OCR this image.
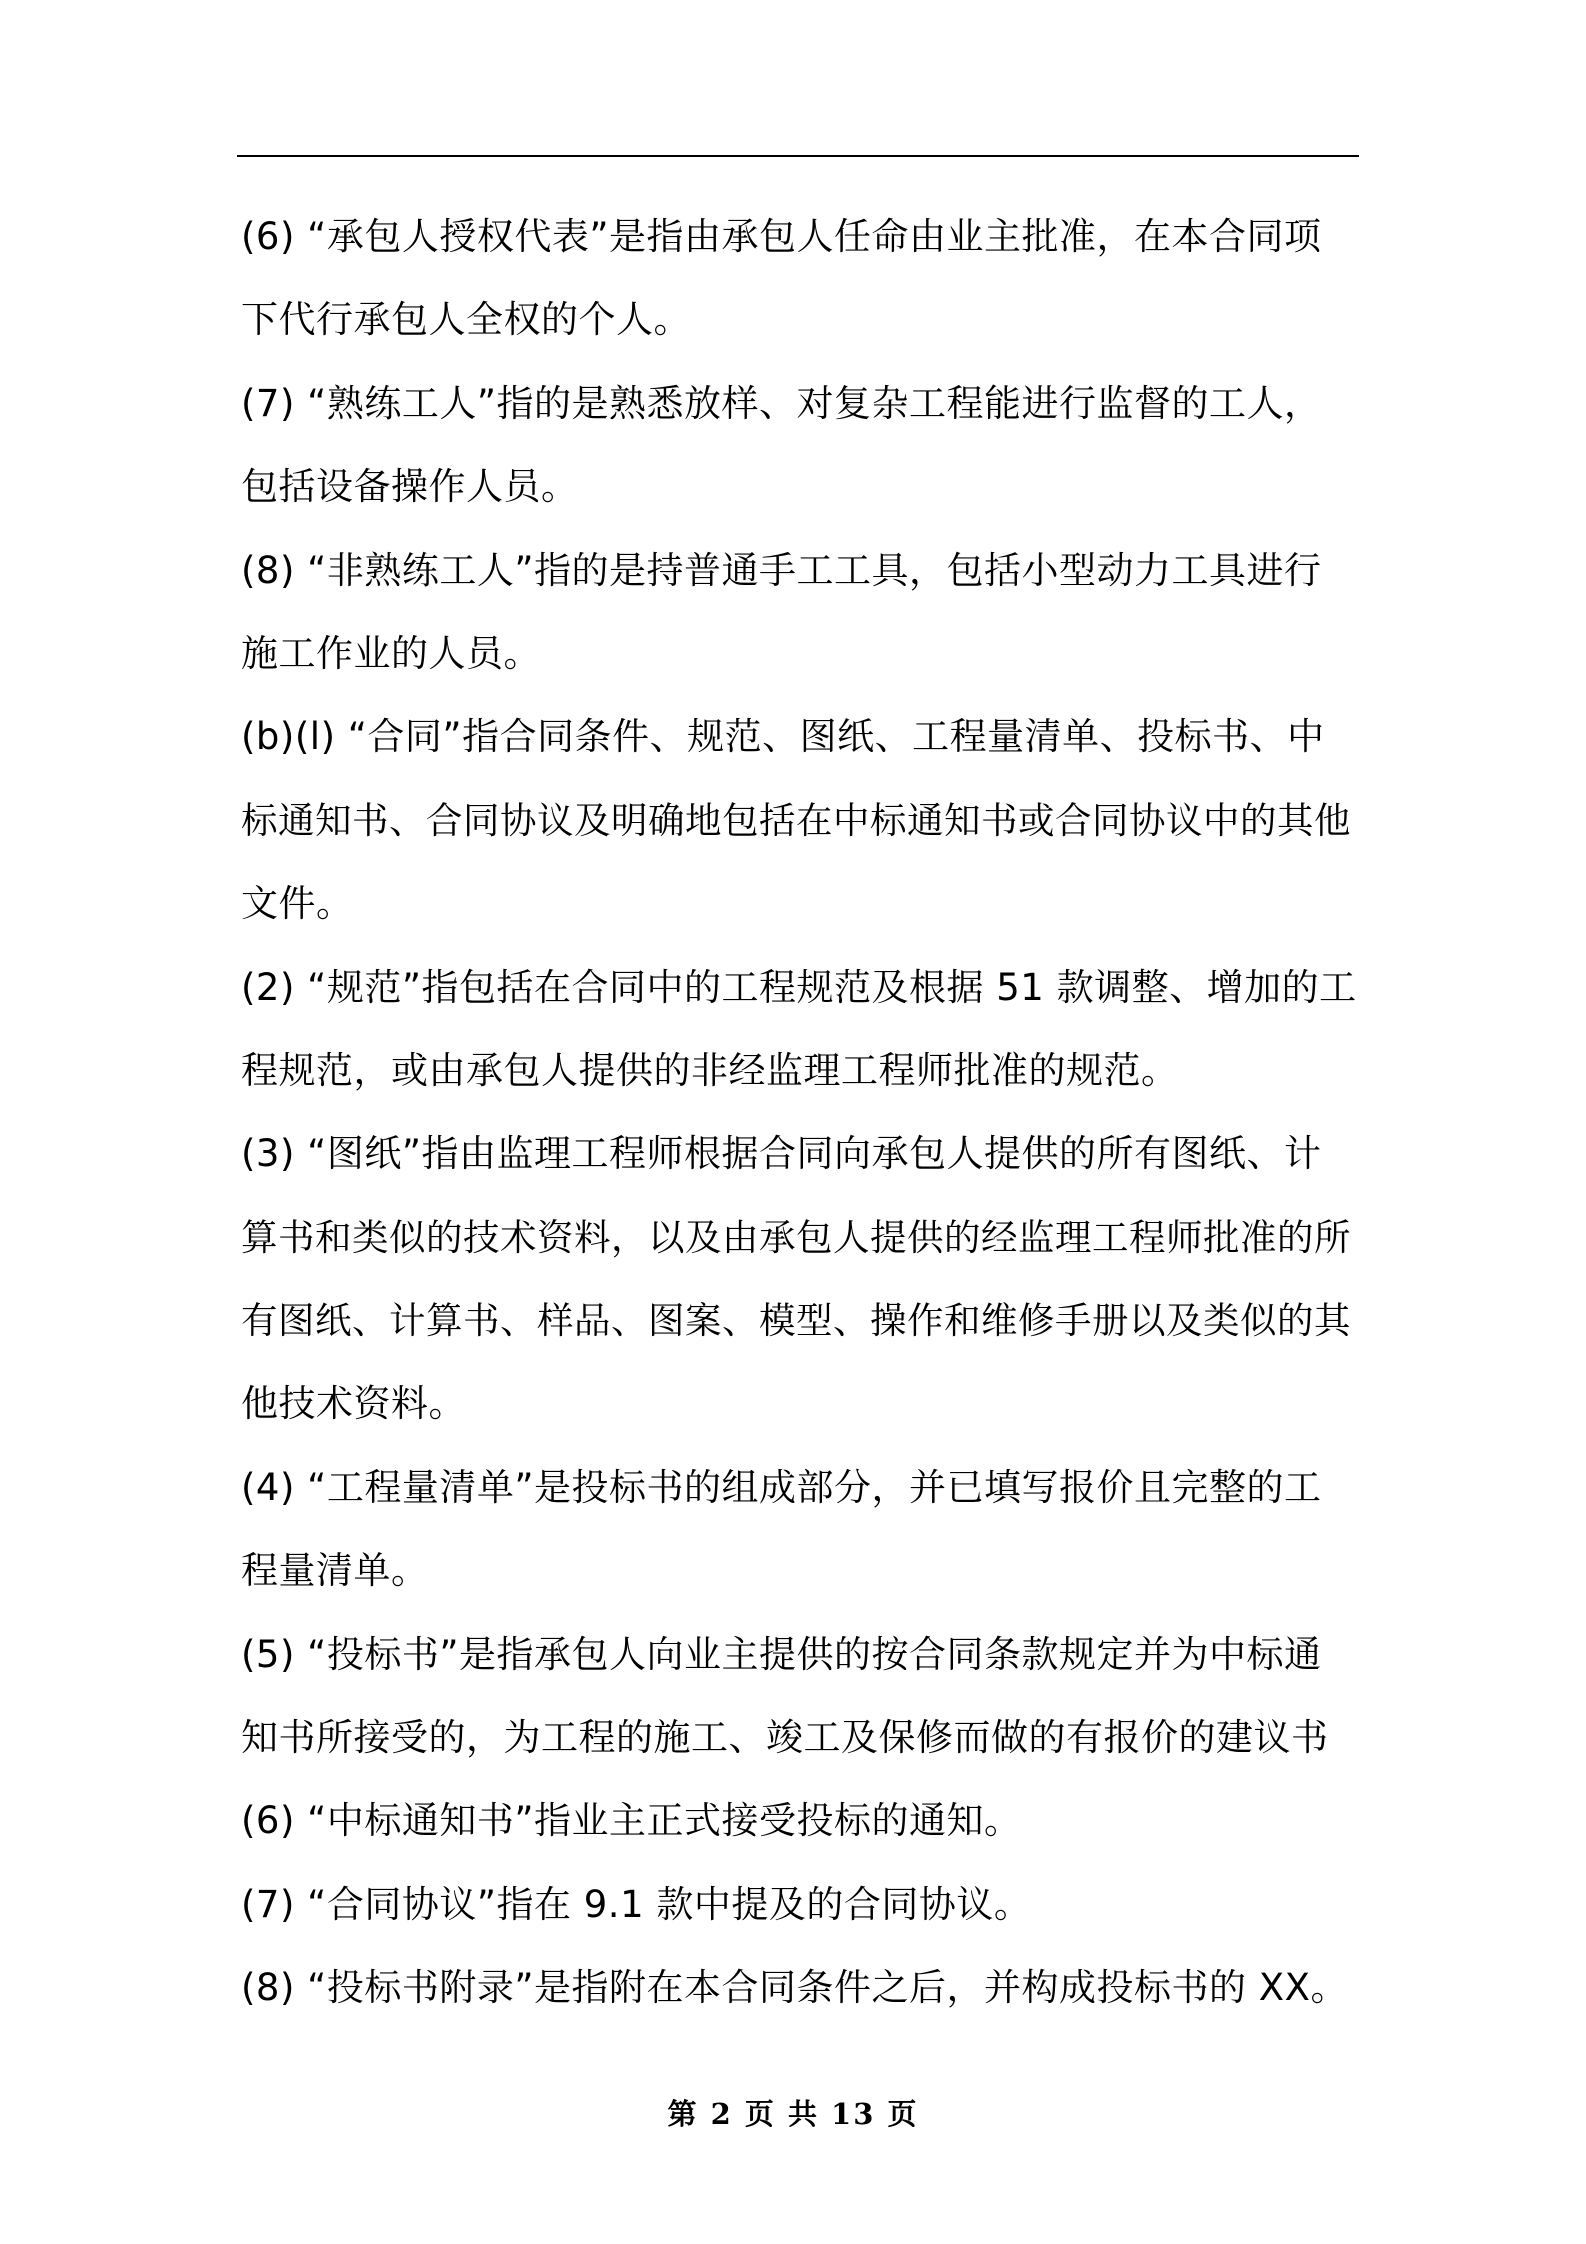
(6) “承包人授权代表”是指由承包人任命由业主批准，在本合同项
下代行承包人全权的个人。
(7) “熟练工人”指的是熟悉放样、对复杂工程能进行监督的工人，
包括设备操作人员。
(8) “非熟练工人”指的是持普通手工工具，包括小型动力工具进行
施工作业的人员。
(b)(l) “合同”指合同条件、规范、图纸、工程量清单、投标书、中
标通知书、合同协议及明确地包括在中标通知书或合同协议中的其他
文件。
(2) “规范”指包括在合同中的工程规范及根据 51 款调整、增加的工
程规范，或由承包人提供的非经监理工程师批准的规范。
(3) “图纸”指由监理工程师根据合同向承包人提供的所有图纸、计
算书和类似的技术资料，以及由承包人提供的经监理工程师批准的所
有图纸、计算书、样品、图案、模型、操作和维修手册以及类似的其
他技术资料。
(4) “工程量清单”是投标书的组成部分，并已填写报价且完整的工
程量清单。
(5) “投标书”是指承包人向业主提供的按合同条款规定并为中标通
知书所接受的，为工程的施工、竣工及保修而做的有报价的建议书
(6) “中标通知书”指业主正式接受投标的通知。
(7) “合同协议”指在 9.1 款中提及的合同协议。
(8) “投标书附录”是指附在本合同条件之后，并构成投标书的 XX。
第 2 页 共 13 页
